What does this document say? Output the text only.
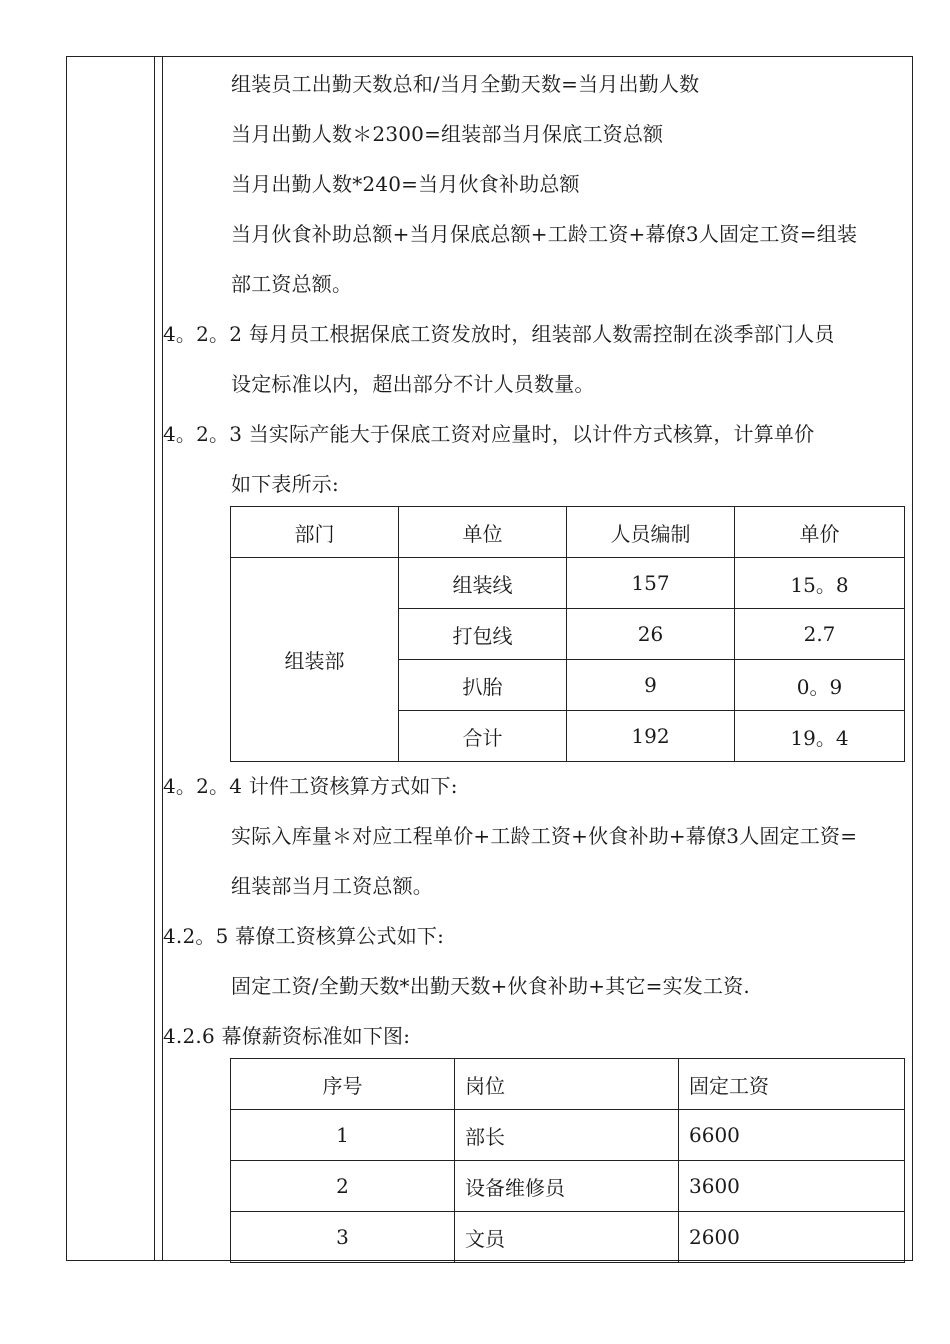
组装员工出勤天数总和/当月全勤天数=当月出勤人数
当月出勤人数＊2300=组装部当月保底工资总额
当月出勤人数*240=当月伙食补助总额
当月伙食补助总额+当月保底总额+工龄工资+幕僚3人固定工资=组装
部工资总额。
4。2。2 每月员工根据保底工资发放时，组装部人数需控制在淡季部门人员
设定标准以内，超出部分不计人员数量。
4。2。3 当实际产能大于保底工资对应量时，以计件方式核算，计算单价
如下表所示:
部门	单位	人员编制	单价
组装部	组装线	157	15。8
	打包线	26	2.7
	扒胎	9	0。9
	合计	192	19。4
4。2。4 计件工资核算方式如下:
实际入库量＊对应工程单价+工龄工资+伙食补助+幕僚3人固定工资=
组装部当月工资总额。
4.2。5 幕僚工资核算公式如下:
固定工资/全勤天数*出勤天数+伙食补助+其它=实发工资.
4.2.6 幕僚薪资标准如下图:
序号	岗位	固定工资
1	部长	6600
2	设备维修员	3600
3	文员	2600
